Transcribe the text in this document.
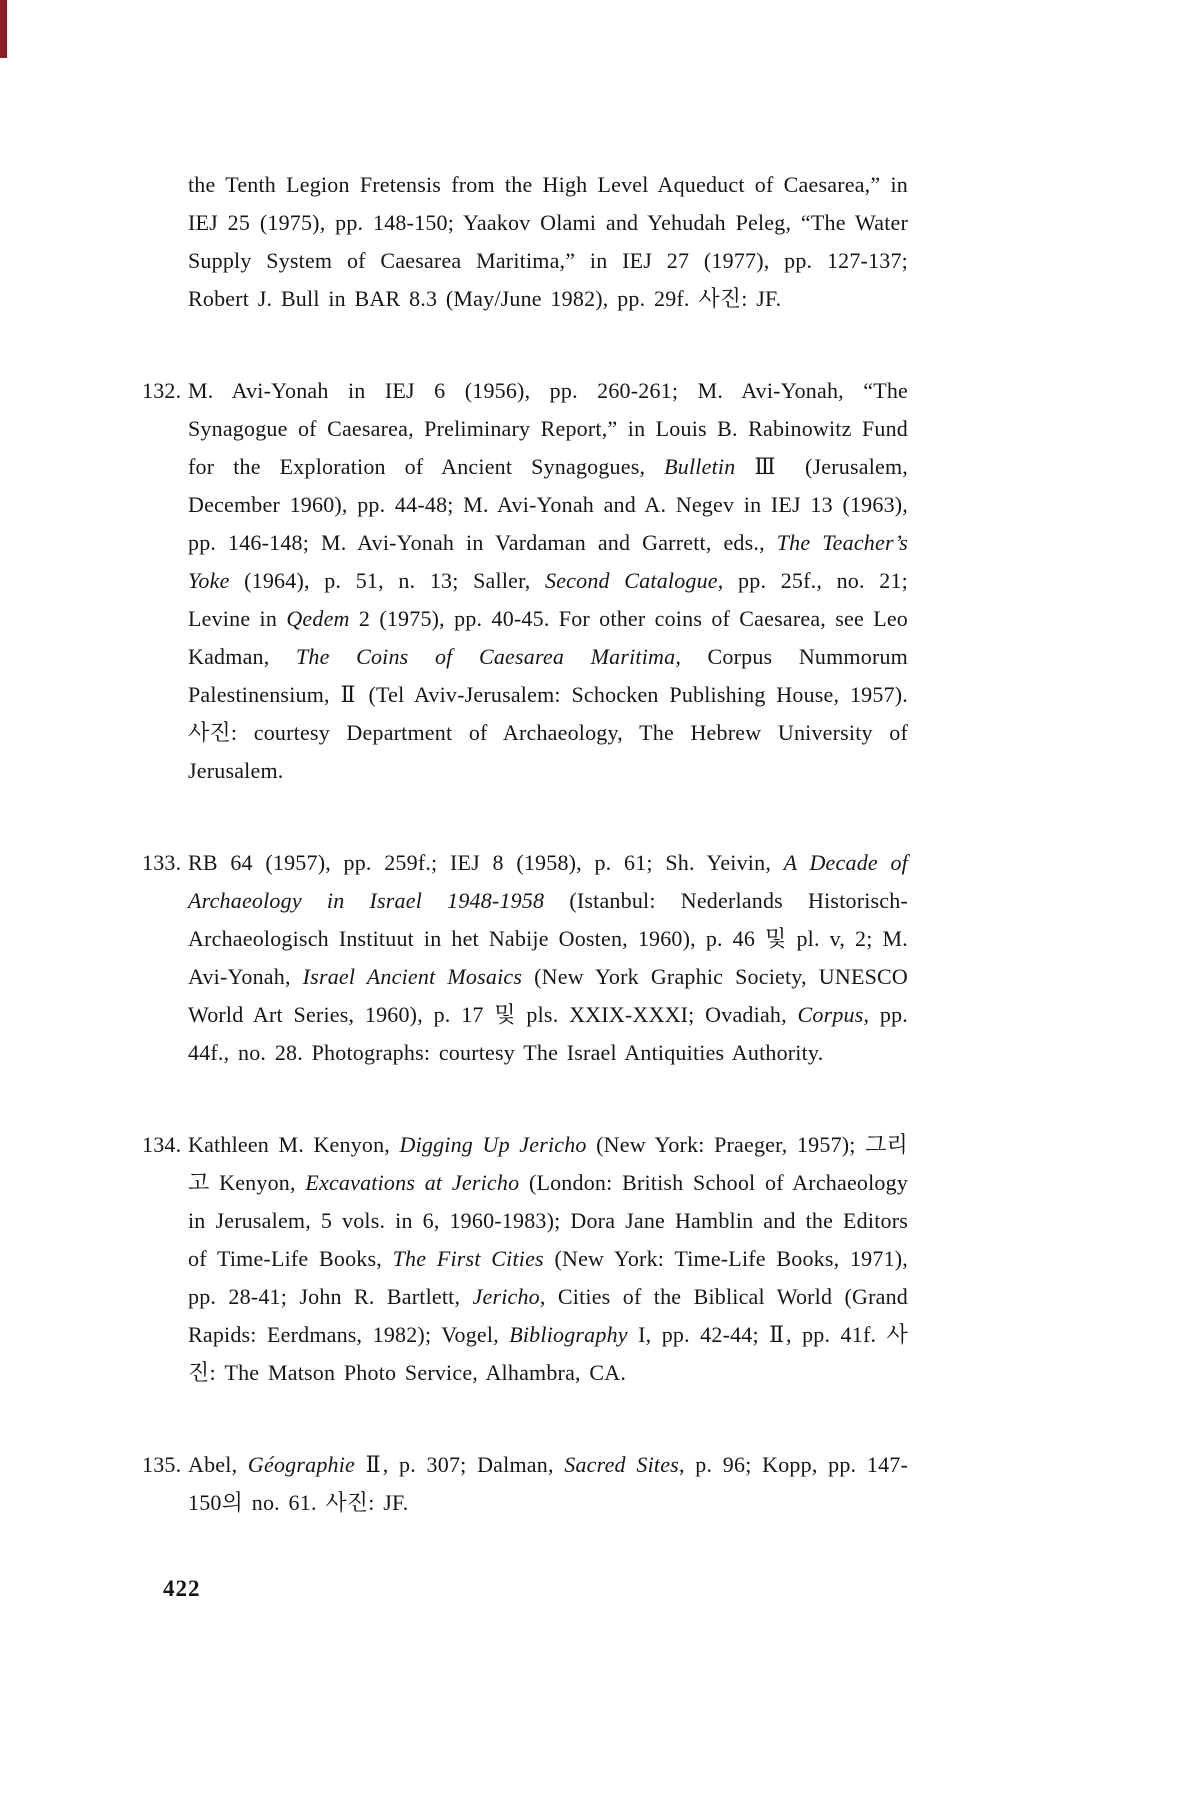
the Tenth Legion Fretensis from the High Level Aqueduct of Caesarea,” in IEJ 25 (1975), pp. 148-150; Yaakov Olami and Yehudah Peleg, “The Water Supply System of Caesarea Maritima,” in IEJ 27 (1977), pp. 127-137; Robert J. Bull in BAR 8.3 (May/June 1982), pp. 29f. 사진: JF.

132. M. Avi-Yonah in IEJ 6 (1956), pp. 260-261; M. Avi-Yonah, “The Synagogue of Caesarea, Preliminary Report,” in Louis B. Rabinowitz Fund for the Exploration of Ancient Synagogues, Bulletin Ⅲ (Jerusalem, December 1960), pp. 44-48; M. Avi-Yonah and A. Negev in IEJ 13 (1963), pp. 146-148; M. Avi-Yonah in Vardaman and Garrett, eds., The Teacher’s Yoke (1964), p. 51, n. 13; Saller, Second Catalogue, pp. 25f., no. 21; Levine in Qedem 2 (1975), pp. 40-45. For other coins of Caesarea, see Leo Kadman, The Coins of Caesarea Maritima, Corpus Nummorum Palestinensium, Ⅱ (Tel Aviv-Jerusalem: Schocken Publishing House, 1957). 사진: courtesy Department of Archaeology, The Hebrew University of Jerusalem.

133. RB 64 (1957), pp. 259f.; IEJ 8 (1958), p. 61; Sh. Yeivin, A Decade of Archaeology in Israel 1948-1958 (Istanbul: Nederlands Historisch-Archaeologisch Instituut in het Nabije Oosten, 1960), p. 46 및 pl. v, 2; M. Avi-Yonah, Israel Ancient Mosaics (New York Graphic Society, UNESCO World Art Series, 1960), p. 17 및 pls. XXIX-XXXI; Ovadiah, Corpus, pp. 44f., no. 28. Photographs: courtesy The Israel Antiquities Authority.

134. Kathleen M. Kenyon, Digging Up Jericho (New York: Praeger, 1957); 그리고 Kenyon, Excavations at Jericho (London: British School of Archaeology in Jerusalem, 5 vols. in 6, 1960-1983); Dora Jane Hamblin and the Editors of Time-Life Books, The First Cities (New York: Time-Life Books, 1971), pp. 28-41; John R. Bartlett, Jericho, Cities of the Biblical World (Grand Rapids: Eerdmans, 1982); Vogel, Bibliography I, pp. 42-44; Ⅱ, pp. 41f. 사진: The Matson Photo Service, Alhambra, CA.

135. Abel, Géographie Ⅱ, p. 307; Dalman, Sacred Sites, p. 96; Kopp, pp. 147-150의 no. 61. 사진: JF.

422
